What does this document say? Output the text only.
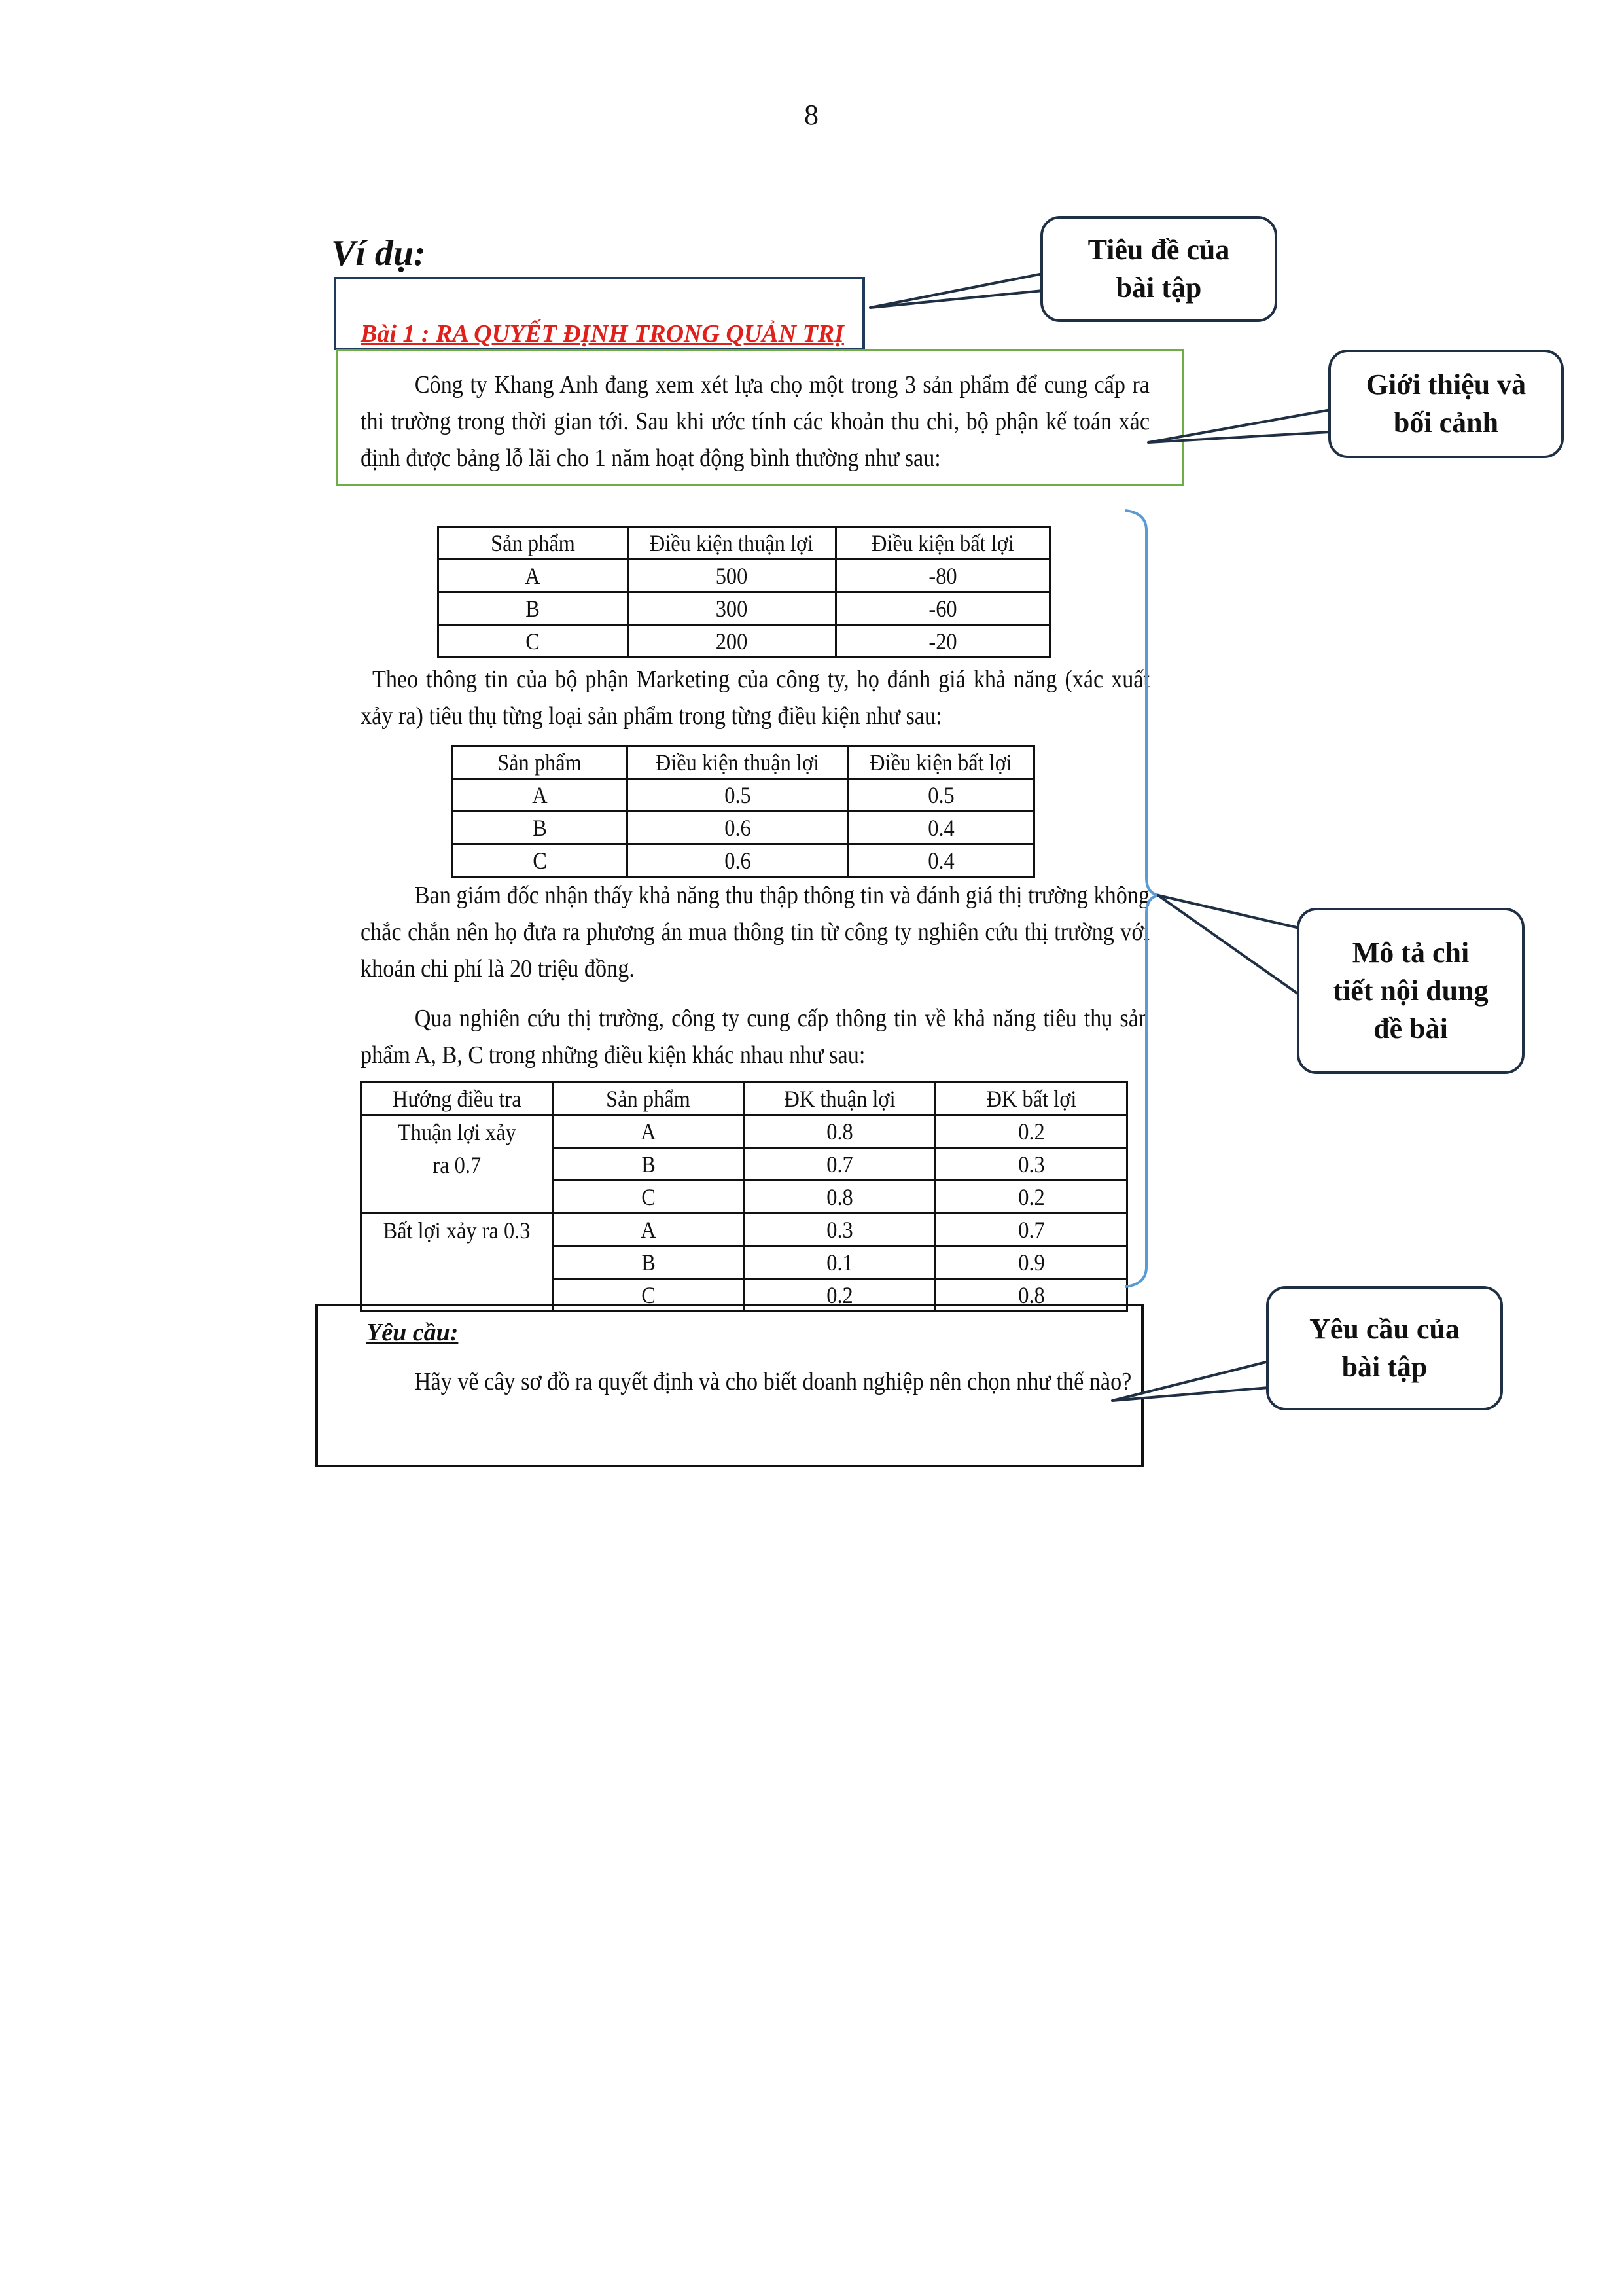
8
Ví dụ:
Bài 1 : RA QUYẾT ĐỊNH TRONG QUẢN TRỊ
Công ty Khang Anh đang xem xét lựa chọ một trong 3 sản phẩm để cung cấp ra thi trường trong thời gian tới. Sau khi ước tính các khoản thu chi, bộ phận kế toán xác định được bảng lỗ lãi cho 1 năm hoạt động bình thường như sau:
Sản phẩm	Điều kiện thuận lợi	Điều kiện bất lợi
A	500	-80
B	300	-60
C	200	-20
Theo thông tin của bộ phận Marketing của công ty, họ đánh giá khả năng (xác xuất xảy ra) tiêu thụ từng loại sản phẩm trong từng điều kiện như sau:
Sản phẩm	Điều kiện thuận lợi	Điều kiện bất lợi
A	0.5	0.5
B	0.6	0.4
C	0.6	0.4
Ban giám đốc nhận thấy khả năng thu thập thông tin và đánh giá thị trường không chắc chắn nên họ đưa ra phương án mua thông tin từ công ty nghiên cứu thị trường với khoản chi phí là 20 triệu đồng.
Qua nghiên cứu thị trường, công ty cung cấp thông tin về khả năng tiêu thụ sản phẩm A, B, C trong những điều kiện khác nhau như sau:
Hướng điều tra	Sản phẩm	ĐK thuận lợi	ĐK bất lợi
Thuận lợi xảy ra 0.7	A	0.8	0.2
	B	0.7	0.3
	C	0.8	0.2
Bất lợi xảy ra 0.3	A	0.3	0.7
	B	0.1	0.9
	C	0.2	0.8
Yêu cầu:
Hãy vẽ cây sơ đồ ra quyết định và cho biết doanh nghiệp nên chọn như thế nào?
Tiêu đề của
bài tập
Giới thiệu và
bối cảnh
Mô tả chi
tiết nội dung
đề bài
Yêu cầu của
bài tập
